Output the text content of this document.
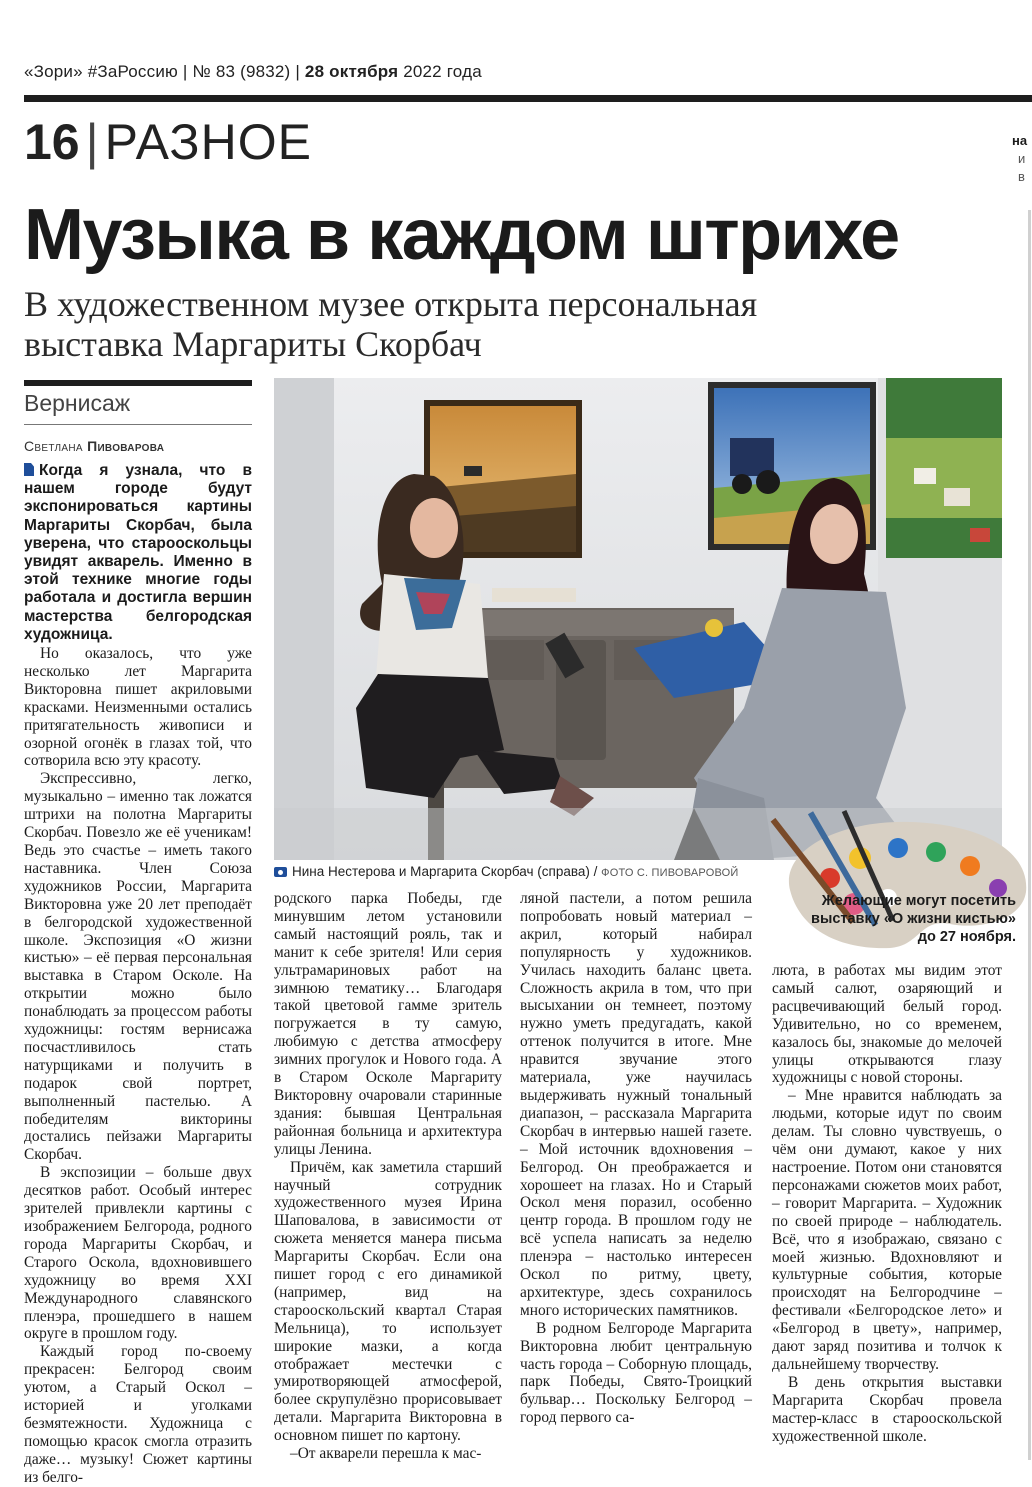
«Зори» #ЗаРоссию | № 83 (9832) | 28 октября 2022 года
16 | РАЗНОЕ	на
и в
Музыка в каждом штрихе
В художественном музее открыта персональная выставка Маргариты Скорбач
Вернисаж
Светлана Пивоварова
Когда я узнала, что в нашем городе будут экспонироваться картины Маргариты Скорбач, была уверена, что старооскольцы увидят акварель. Именно в этой технике многие годы работала и достигла вершин мастерства белгородская художница.
Нина Нестерова и Маргарита Скорбач (справа) / ФОТО С. ПИВОВАРОВОЙ
Желающие могут посетить
выставку «О жизни кистью»
до 27 ноября.

Но оказалось, что уже несколько лет Маргарита Викторовна пишет акриловыми красками. Неизменными остались притягательность живописи и озорной огонёк в глазах той, что сотворила всю эту красоту.

Экспрессивно, легко, музыкально – именно так ложатся штрихи на полотна Маргариты Скорбач. Повезло же её ученикам! Ведь это счастье – иметь такого наставника. Член Союза художников России, Маргарита Викторовна уже 20 лет преподаёт в белгородской художественной школе. Экспозиция «О жизни кистью» – её первая персональная выставка в Старом Осколе. На открытии можно было понаблюдать за процессом работы художницы: гостям вернисажа посчастливилось стать натурщиками и получить в подарок свой портрет, выполненный пастелью. А победителям викторины достались пейзажи Маргариты Скорбач.

В экспозиции – больше двух десятков работ. Особый интерес зрителей привлекли картины с изображением Белгорода, родного города Маргариты Скорбач, и Старого Оскола, вдохновившего художницу во время XXI Международного славянского пленэра, прошедшего в нашем округе в прошлом году.

Каждый город по-своему прекрасен: Белгород своим уютом, а Старый Оскол – историей и уголками безмятежности. Художница с помощью красок смогла отразить даже… музыку! Сюжет картины из белго-

родского парка Победы, где минувшим летом установили самый настоящий рояль, так и манит к себе зрителя! Или серия ультрамариновых работ на зимнюю тематику… Благодаря такой цветовой гамме зритель погружается в ту самую, любимую с детства атмосферу зимних прогулок и Нового года. А в Старом Осколе Маргариту Викторовну очаровали старинные здания: бывшая Центральная районная больница и архитектура улицы Ленина.

Причём, как заметила старший научный сотрудник художественного музея Ирина Шаповалова, в зависимости от сюжета меняется манера письма Маргариты Скорбач. Если она пишет город с его динамикой (например, вид на старооскольский квартал Старая Мельница), то использует широкие мазки, а когда отображает местечки с умиротворяющей атмосферой, более скрупулёзно прорисовывает детали. Маргарита Викторовна в основном пишет по картону.

–От акварели перешла к мас-

ляной пастели, а потом решила попробовать новый материал – акрил, который набирал популярность у художников. Училась находить баланс цвета. Сложность акрила в том, что при высыхании он темнеет, поэтому нужно уметь предугадать, какой оттенок получится в итоге. Мне нравится звучание этого материала, уже научилась выдерживать нужный тональный диапазон, – рассказала Маргарита Скорбач в интервью нашей газете. – Мой источник вдохновения – Белгород. Он преображается и хорошеет на глазах. Но и Старый Оскол меня поразил, особенно центр города. В прошлом году не всё успела написать за неделю пленэра – настолько интересен Оскол по ритму, цвету, архитектуре, здесь сохранилось много исторических памятников.

В родном Белгороде Маргарита Викторовна любит центральную часть города – Соборную площадь, парк Победы, Свято-Троицкий бульвар… Поскольку Белгород – город первого са-

люта, в работах мы видим этот самый салют, озаряющий и расцвечивающий белый город. Удивительно, но со временем, казалось бы, знакомые до мелочей улицы открываются глазу художницы с новой стороны.

– Мне нравится наблюдать за людьми, которые идут по своим делам. Ты словно чувствуешь, о чём они думают, какое у них настроение. Потом они становятся персонажами сюжетов моих работ, – говорит Маргарита. – Художник по своей природе – наблюдатель. Всё, что я изображаю, связано с моей жизнью. Вдохновляют и культурные события, которые происходят на Белгородчине – фестивали «Белгородское лето» и «Белгород в цвету», например, дают заряд позитива и толчок к дальнейшему творчеству.

В день открытия выставки Маргарита Скорбач провела мастер-класс в старооскольской художественной школе.
